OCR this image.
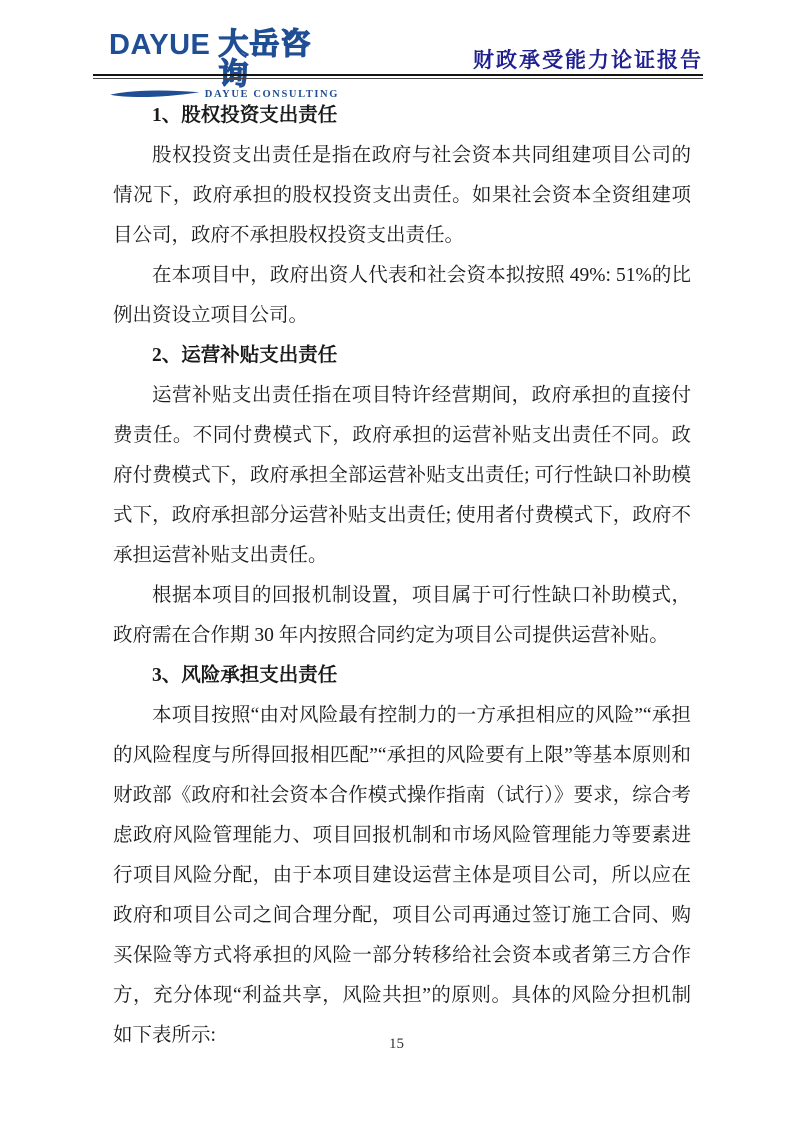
DAYUE 大岳咨询
DAYUE CONSULTING
财政承受能力论证报告
1、股权投资支出责任

股权投资支出责任是指在政府与社会资本共同组建项目公司的情况下，政府承担的股权投资支出责任。如果社会资本全资组建项目公司，政府不承担股权投资支出责任。

在本项目中，政府出资人代表和社会资本拟按照 49%: 51%的比例出资设立项目公司。

2、运营补贴支出责任

运营补贴支出责任指在项目特许经营期间，政府承担的直接付费责任。不同付费模式下，政府承担的运营补贴支出责任不同。政府付费模式下，政府承担全部运营补贴支出责任; 可行性缺口补助模式下，政府承担部分运营补贴支出责任; 使用者付费模式下，政府不承担运营补贴支出责任。

根据本项目的回报机制设置，项目属于可行性缺口补助模式，政府需在合作期 30 年内按照合同约定为项目公司提供运营补贴。

3、风险承担支出责任

本项目按照“由对风险最有控制力的一方承担相应的风险”“承担的风险程度与所得回报相匹配”“承担的风险要有上限”等基本原则和财政部《政府和社会资本合作模式操作指南（试行）》要求，综合考虑政府风险管理能力、项目回报机制和市场风险管理能力等要素进行项目风险分配，由于本项目建设运营主体是项目公司，所以应在政府和项目公司之间合理分配，项目公司再通过签订施工合同、购买保险等方式将承担的风险一部分转移给社会资本或者第三方合作方，充分体现“利益共享，风险共担”的原则。具体的风险分担机制如下表所示:	15
